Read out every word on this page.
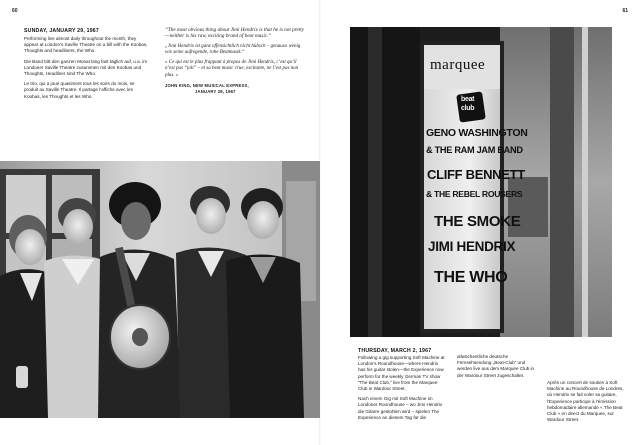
60	61
SUNDAY, JANUARY 29, 1967

Performing live almost daily throughout the month, they appear at London’s Saville Theatre on a bill with the Koobas, Thoughts and headliners, the Who.

Die Band tritt den ganzen Monat lang fast täglich auf, u.a. im Londoner Saville Theatre zusammen mit den Koobas und Thoughts, Headliner sind The Who.

Le trio, qui a joué quasiment tous les soirs du mois, se produit au Saville Theatre. Il partage l’affiche avec les Koobas, les Thoughts et les Who.

“The most obvious thing about Jimi Hendrix is that he is not pretty—neither is his raw, exciting brand of beat music.”

„Jimi Hendrix ist ganz offensichtlich nicht hübsch – genauso wenig wie seine aufregende, rohe Beatmusik.“

« Ce qui est le plus frappant à propos de Jimi Hendrix, c’est qu’il n’est pas “joli” – et sa beat music crue, excitante, ne l’est pas non plus. »

JOHN KING, NEW MUSICAL EXPRESS,
JANUARY 28, 1967

marquee
beat
club
GENO WASHINGTON
& THE RAM JAM BAND
CLIFF BENNETT
& THE REBEL ROUSERS
THE SMOKE
JIMI HENDRIX
THE WHO
THURSDAY, MARCH 2, 1967

Following a gig supporting Soft Machine at London’s Roundhouse—where Hendrix has his guitar stolen—the Experience now perform for the weekly German TV show “The Beat Club,” live from the Marquee Club in Wardour Street.

Nach einem Gig mit Soft Machine im Londoner Roundhouse – wo Jimi Hendrix die Gitarre gestohlen wird – spielen The Experience an diesem Tag für die

allwöchentliche deutsche Fernsehsendung „Beat-Club“ und werden live aus dem Marquee Club in der Wardour Street zugeschaltet.

Après un concert de soutien à Soft Machine au Roundhouse de Londres, où Hendrix se fait voler sa guitare, l’Experience participe à l’émission hebdomadaire allemande « The Beat Club » en direct du Marquee, sur Wardour Street.
